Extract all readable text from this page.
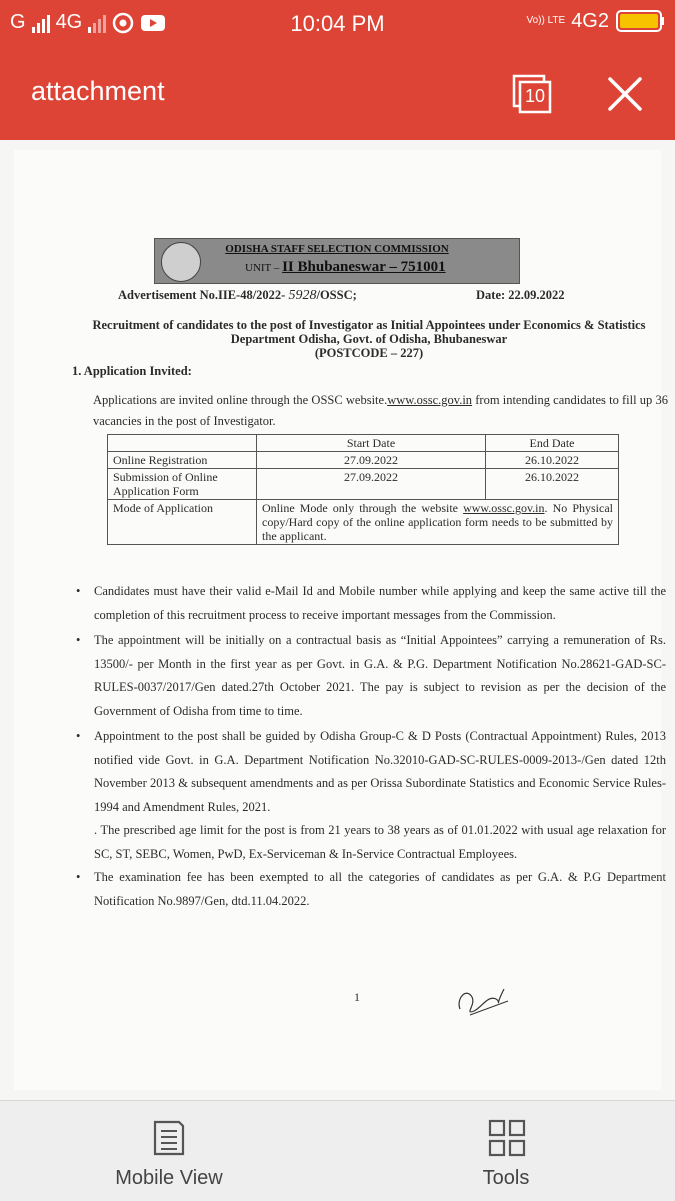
G 4G	10:04 PM	Vo)) LTE 4G2
attachment	10
ODISHA STAFF SELECTION COMMISSION
UNIT – II Bhubaneswar – 751001
Advertisement No.IIE-48/2022- 5928/OSSC;	Date: 22.09.2022
Recruitment of candidates to the post of Investigator as Initial Appointees under Economics & Statistics Department Odisha, Govt. of Odisha, Bhubaneswar
(POSTCODE – 227)
1. Application Invited:
Applications are invited online through the OSSC website.www.ossc.gov.in from intending candidates to fill up 36 vacancies in the post of Investigator.
	Start Date	End Date
Online Registration	27.09.2022	26.10.2022
Submission of Online Application Form	27.09.2022	26.10.2022
Mode of Application	Online Mode only through the website www.ossc.gov.in. No Physical copy/Hard copy of the online application form needs to be submitted by the applicant.	
• Candidates must have their valid e-Mail Id and Mobile number while applying and keep the same active till the completion of this recruitment process to receive important messages from the Commission.
• The appointment will be initially on a contractual basis as “Initial Appointees” carrying a remuneration of Rs. 13500/- per Month in the first year as per Govt. in G.A. & P.G. Department Notification No.28621-GAD-SC-RULES-0037/2017/Gen dated.27th October 2021. The pay is subject to revision as per the decision of the Government of Odisha from time to time.
• Appointment to the post shall be guided by Odisha Group-C & D Posts (Contractual Appointment) Rules, 2013 notified vide Govt. in G.A. Department Notification No.32010-GAD-SC-RULES-0009-2013-/Gen dated 12th November 2013 & subsequent amendments and as per Orissa Subordinate Statistics and Economic Service Rules-1994 and Amendment Rules, 2021.
. The prescribed age limit for the post is from 21 years to 38 years as of 01.01.2022 with usual age relaxation for SC, ST, SEBC, Women, PwD, Ex-Serviceman & In-Service Contractual Employees.
• The examination fee has been exempted to all the categories of candidates as per G.A. & P.G Department Notification No.9897/Gen, dtd.11.04.2022.
1
Mobile View	Tools
